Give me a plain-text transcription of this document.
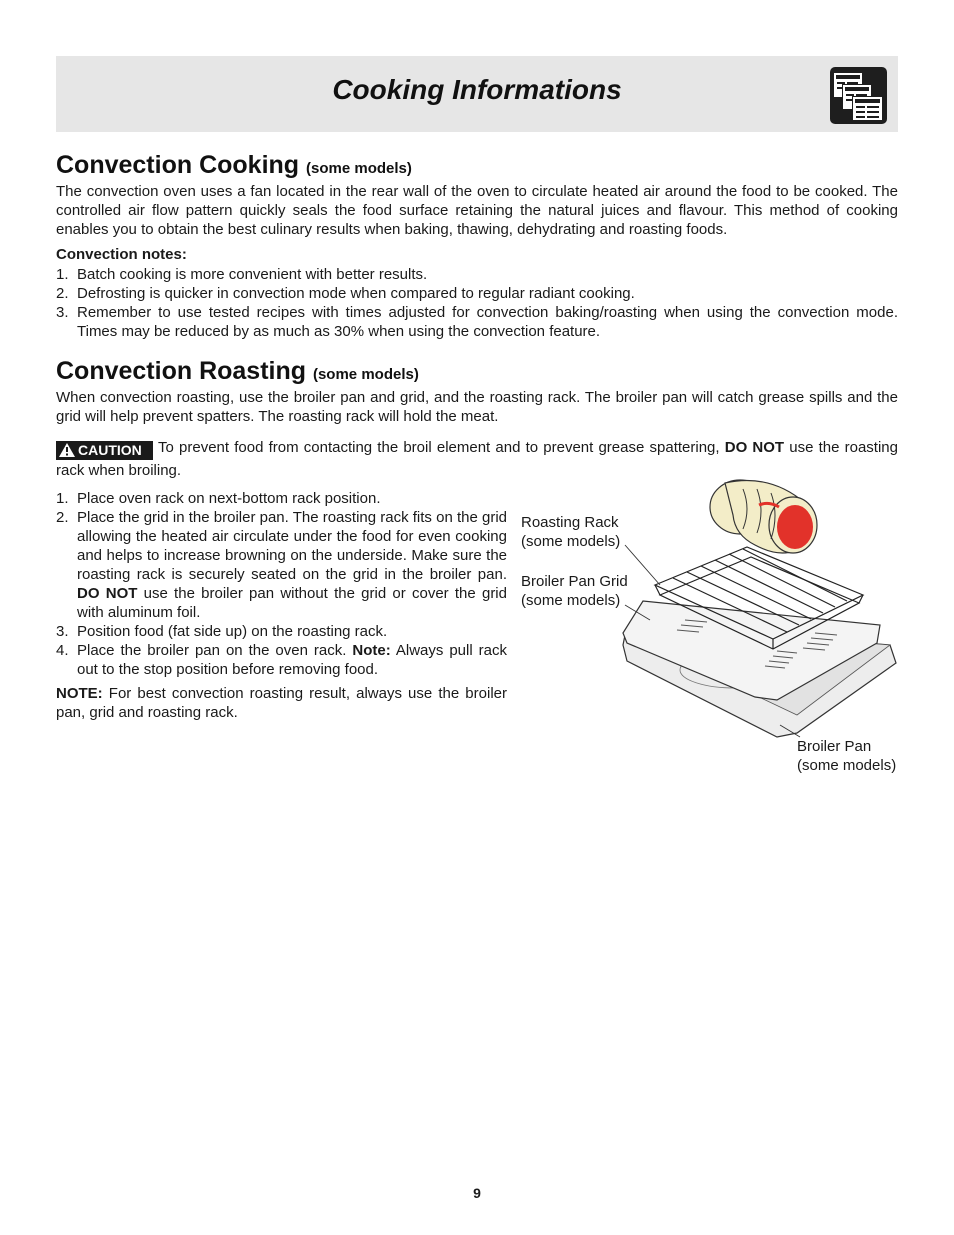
Cooking Informations
Convection Cooking (some models)
The convection oven uses a fan located in the rear wall of the oven to circulate heated air around the food to be cooked. The controlled air flow pattern quickly seals the food surface retaining the natural juices and flavour. This method of cooking enables you to obtain the best culinary results when baking, thawing, dehydrating and roasting foods.
Convection notes:
1. Batch cooking is more convenient with better results.
2. Defrosting is quicker in convection mode when compared to regular radiant cooking.
3. Remember to use tested recipes with times adjusted for convection baking/roasting when using the convection mode. Times may be reduced by as much as 30% when using the convection feature.
Convection Roasting (some models)
When convection roasting, use the broiler pan and grid, and the roasting rack. The broiler pan will catch grease spills and the grid will help prevent spatters. The roasting rack will hold the meat.
CAUTION To prevent food from contacting the broil element and to prevent grease spattering, DO NOT use the roasting rack when broiling.
1. Place oven rack on next-bottom rack position.
2. Place the grid in the broiler pan. The roasting rack fits on the grid allowing the heated air circulate under the food for even cooking and helps to increase browning on the underside. Make sure the roasting rack is securely seated on the grid in the broiler pan. DO NOT use the broiler pan without the grid or cover the grid with aluminum foil.
3. Position food (fat side up) on the roasting rack.
4. Place the broiler pan on the oven rack. Note: Always pull rack out to the stop position before removing food.
NOTE: For best convection roasting result, always use the broiler pan, grid and roasting rack.
Roasting Rack
(some models)
Broiler Pan Grid
(some models)
Broiler Pan
(some models)
9
